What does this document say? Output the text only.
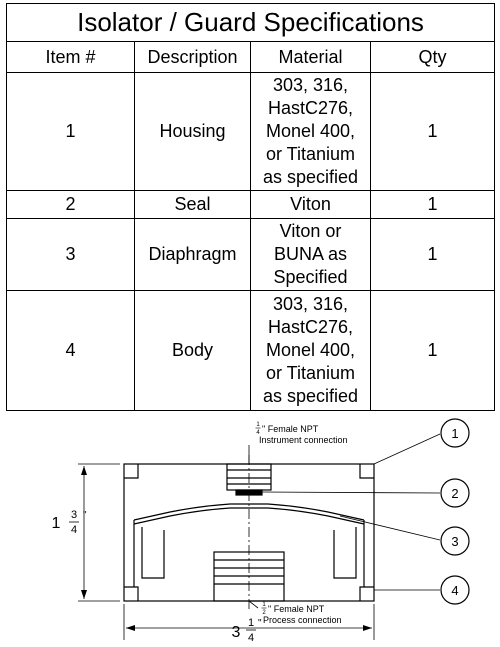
Isolator / Guard Specifications			
Item #	Description	Material	Qty
1	Housing	303, 316,
HastC276,
Monel 400,
or Titanium
as specified	1
2	Seal	Viton	1
3	Diaphragm	Viton or
BUNA as
Specified	1
4	Body	303, 316,
HastC276,
Monel 400,
or Titanium
as specified	1
1
2
3
4
1
4 " Female NPT
Instrument connection
1
2 " Female NPT
Process connection
1 3
4
"
3
1
4
"
